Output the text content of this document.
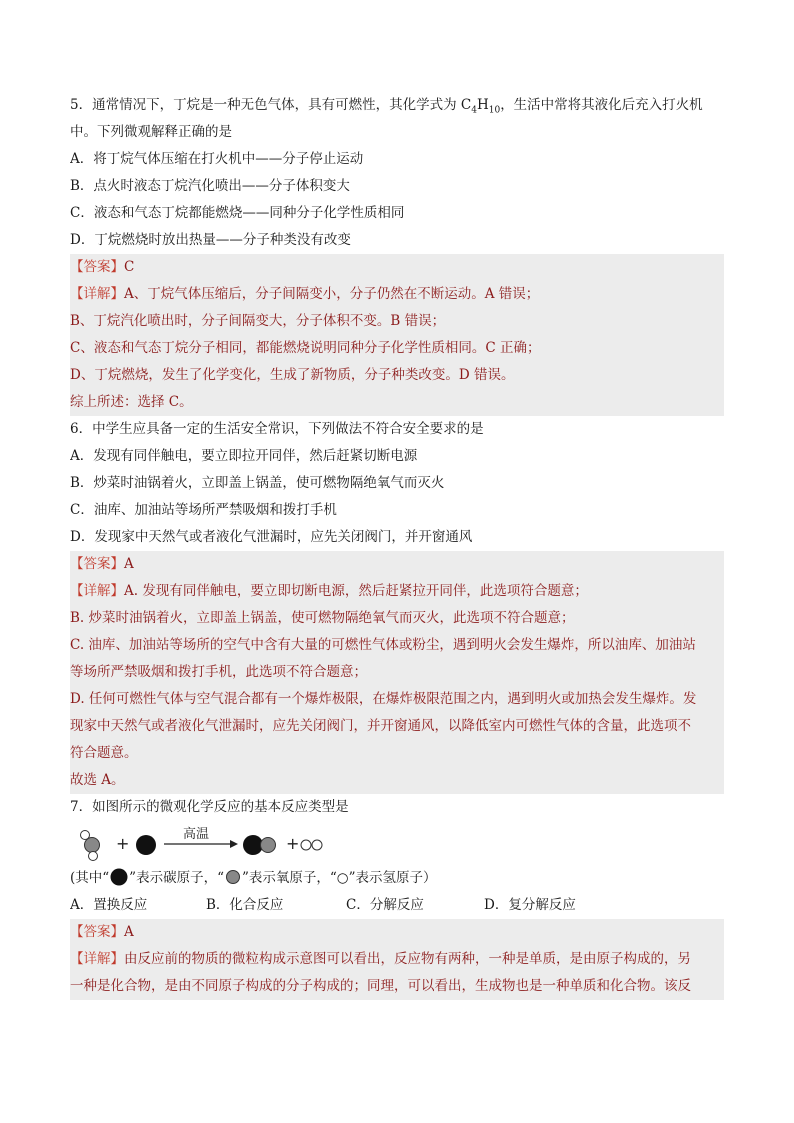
5．通常情况下，丁烷是一种无色气体，具有可燃性，其化学式为 $C_4H_{10}$，生活中常将其液化后充入打火机
中。下列微观解释正确的是
A．将丁烷气体压缩在打火机中——分子停止运动
B．点火时液态丁烷汽化喷出——分子体积变大
C．液态和气态丁烷都能燃烧——同种分子化学性质相同
D．丁烷燃烧时放出热量——分子种类没有改变
【答案】C
【详解】A、丁烷气体压缩后，分子间隔变小，分子仍然在不断运动。A 错误；
B、丁烷汽化喷出时，分子间隔变大，分子体积不变。B 错误；
C、液态和气态丁烷分子相同，都能燃烧说明同种分子化学性质相同。C 正确；
D、丁烷燃烧，发生了化学变化，生成了新物质，分子种类改变。D 错误。
综上所述：选择 C。
6．中学生应具备一定的生活安全常识，下列做法不符合安全要求的是
A．发现有同伴触电，要立即拉开同伴，然后赶紧切断电源
B．炒菜时油锅着火，立即盖上锅盖，使可燃物隔绝氧气而灭火
C．油库、加油站等场所严禁吸烟和拨打手机
D．发现家中天然气或者液化气泄漏时，应先关闭阀门，并开窗通风
【答案】A
【详解】A. 发现有同伴触电，要立即切断电源，然后赶紧拉开同伴，此选项符合题意；
B. 炒菜时油锅着火，立即盖上锅盖，使可燃物隔绝氧气而灭火，此选项不符合题意；
C. 油库、加油站等场所的空气中含有大量的可燃性气体或粉尘，遇到明火会发生爆炸，所以油库、加油站
等场所严禁吸烟和拨打手机，此选项不符合题意；
D. 任何可燃性气体与空气混合都有一个爆炸极限，在爆炸极限范围之内，遇到明火或加热会发生爆炸。发
现家中天然气或者液化气泄漏时，应先关闭阀门，并开窗通风，以降低室内可燃性气体的含量，此选项不
符合题意。
故选 A。
7．如图所示的微观化学反应的基本反应类型是
+	高温	+
(其中“ ”表示碳原子，“ ”表示氧原子，“○”表示氢原子）
A．置换反应	B．化合反应	C．分解反应	D．复分解反应
【答案】A
【详解】由反应前的物质的微粒构成示意图可以看出，反应物有两种，一种是单质，是由原子构成的，另
一种是化合物，是由不同原子构成的分子构成的；同理，可以看出，生成物也是一种单质和化合物。该反
